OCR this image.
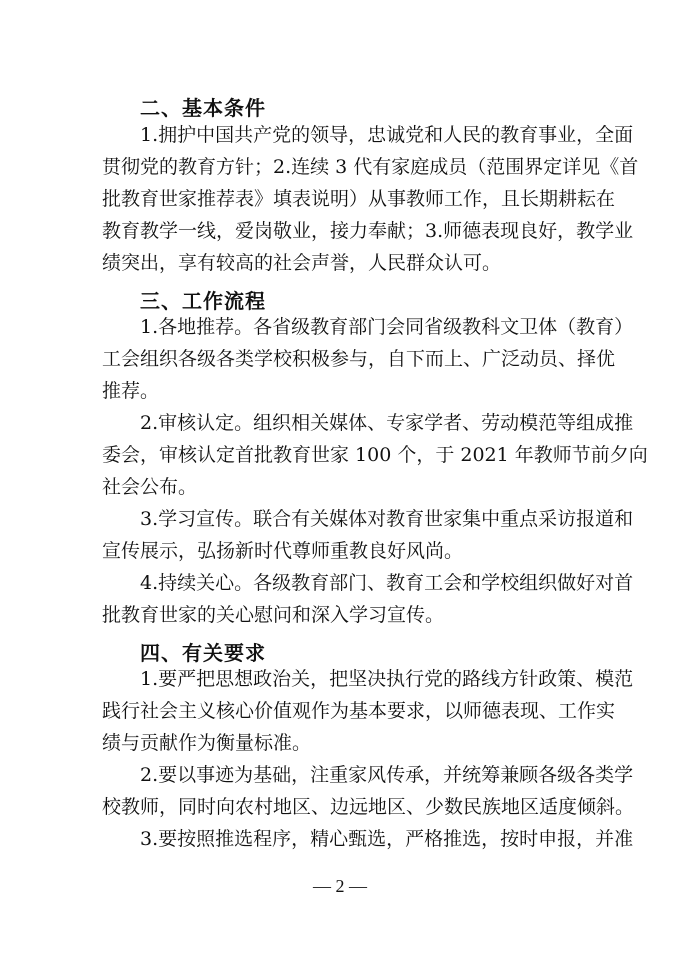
二、基本条件
1.拥护中国共产党的领导，忠诚党和人民的教育事业，全面
贯彻党的教育方针；2.连续 3 代有家庭成员（范围界定详见《首
批教育世家推荐表》填表说明）从事教师工作，且长期耕耘在
教育教学一线，爱岗敬业，接力奉献；3.师德表现良好，教学业
绩突出，享有较高的社会声誉，人民群众认可。
三、工作流程
1.各地推荐。各省级教育部门会同省级教科文卫体（教育）
工会组织各级各类学校积极参与，自下而上、广泛动员、择优
推荐。
2.审核认定。组织相关媒体、专家学者、劳动模范等组成推
委会，审核认定首批教育世家 100 个，于 2021 年教师节前夕向
社会公布。
3.学习宣传。联合有关媒体对教育世家集中重点采访报道和
宣传展示，弘扬新时代尊师重教良好风尚。
4.持续关心。各级教育部门、教育工会和学校组织做好对首
批教育世家的关心慰问和深入学习宣传。
四、有关要求
1.要严把思想政治关，把坚决执行党的路线方针政策、模范
践行社会主义核心价值观作为基本要求，以师德表现、工作实
绩与贡献作为衡量标准。
2.要以事迹为基础，注重家风传承，并统筹兼顾各级各类学
校教师，同时向农村地区、边远地区、少数民族地区适度倾斜。
3.要按照推选程序，精心甄选，严格推选，按时申报，并准
— 2 —
